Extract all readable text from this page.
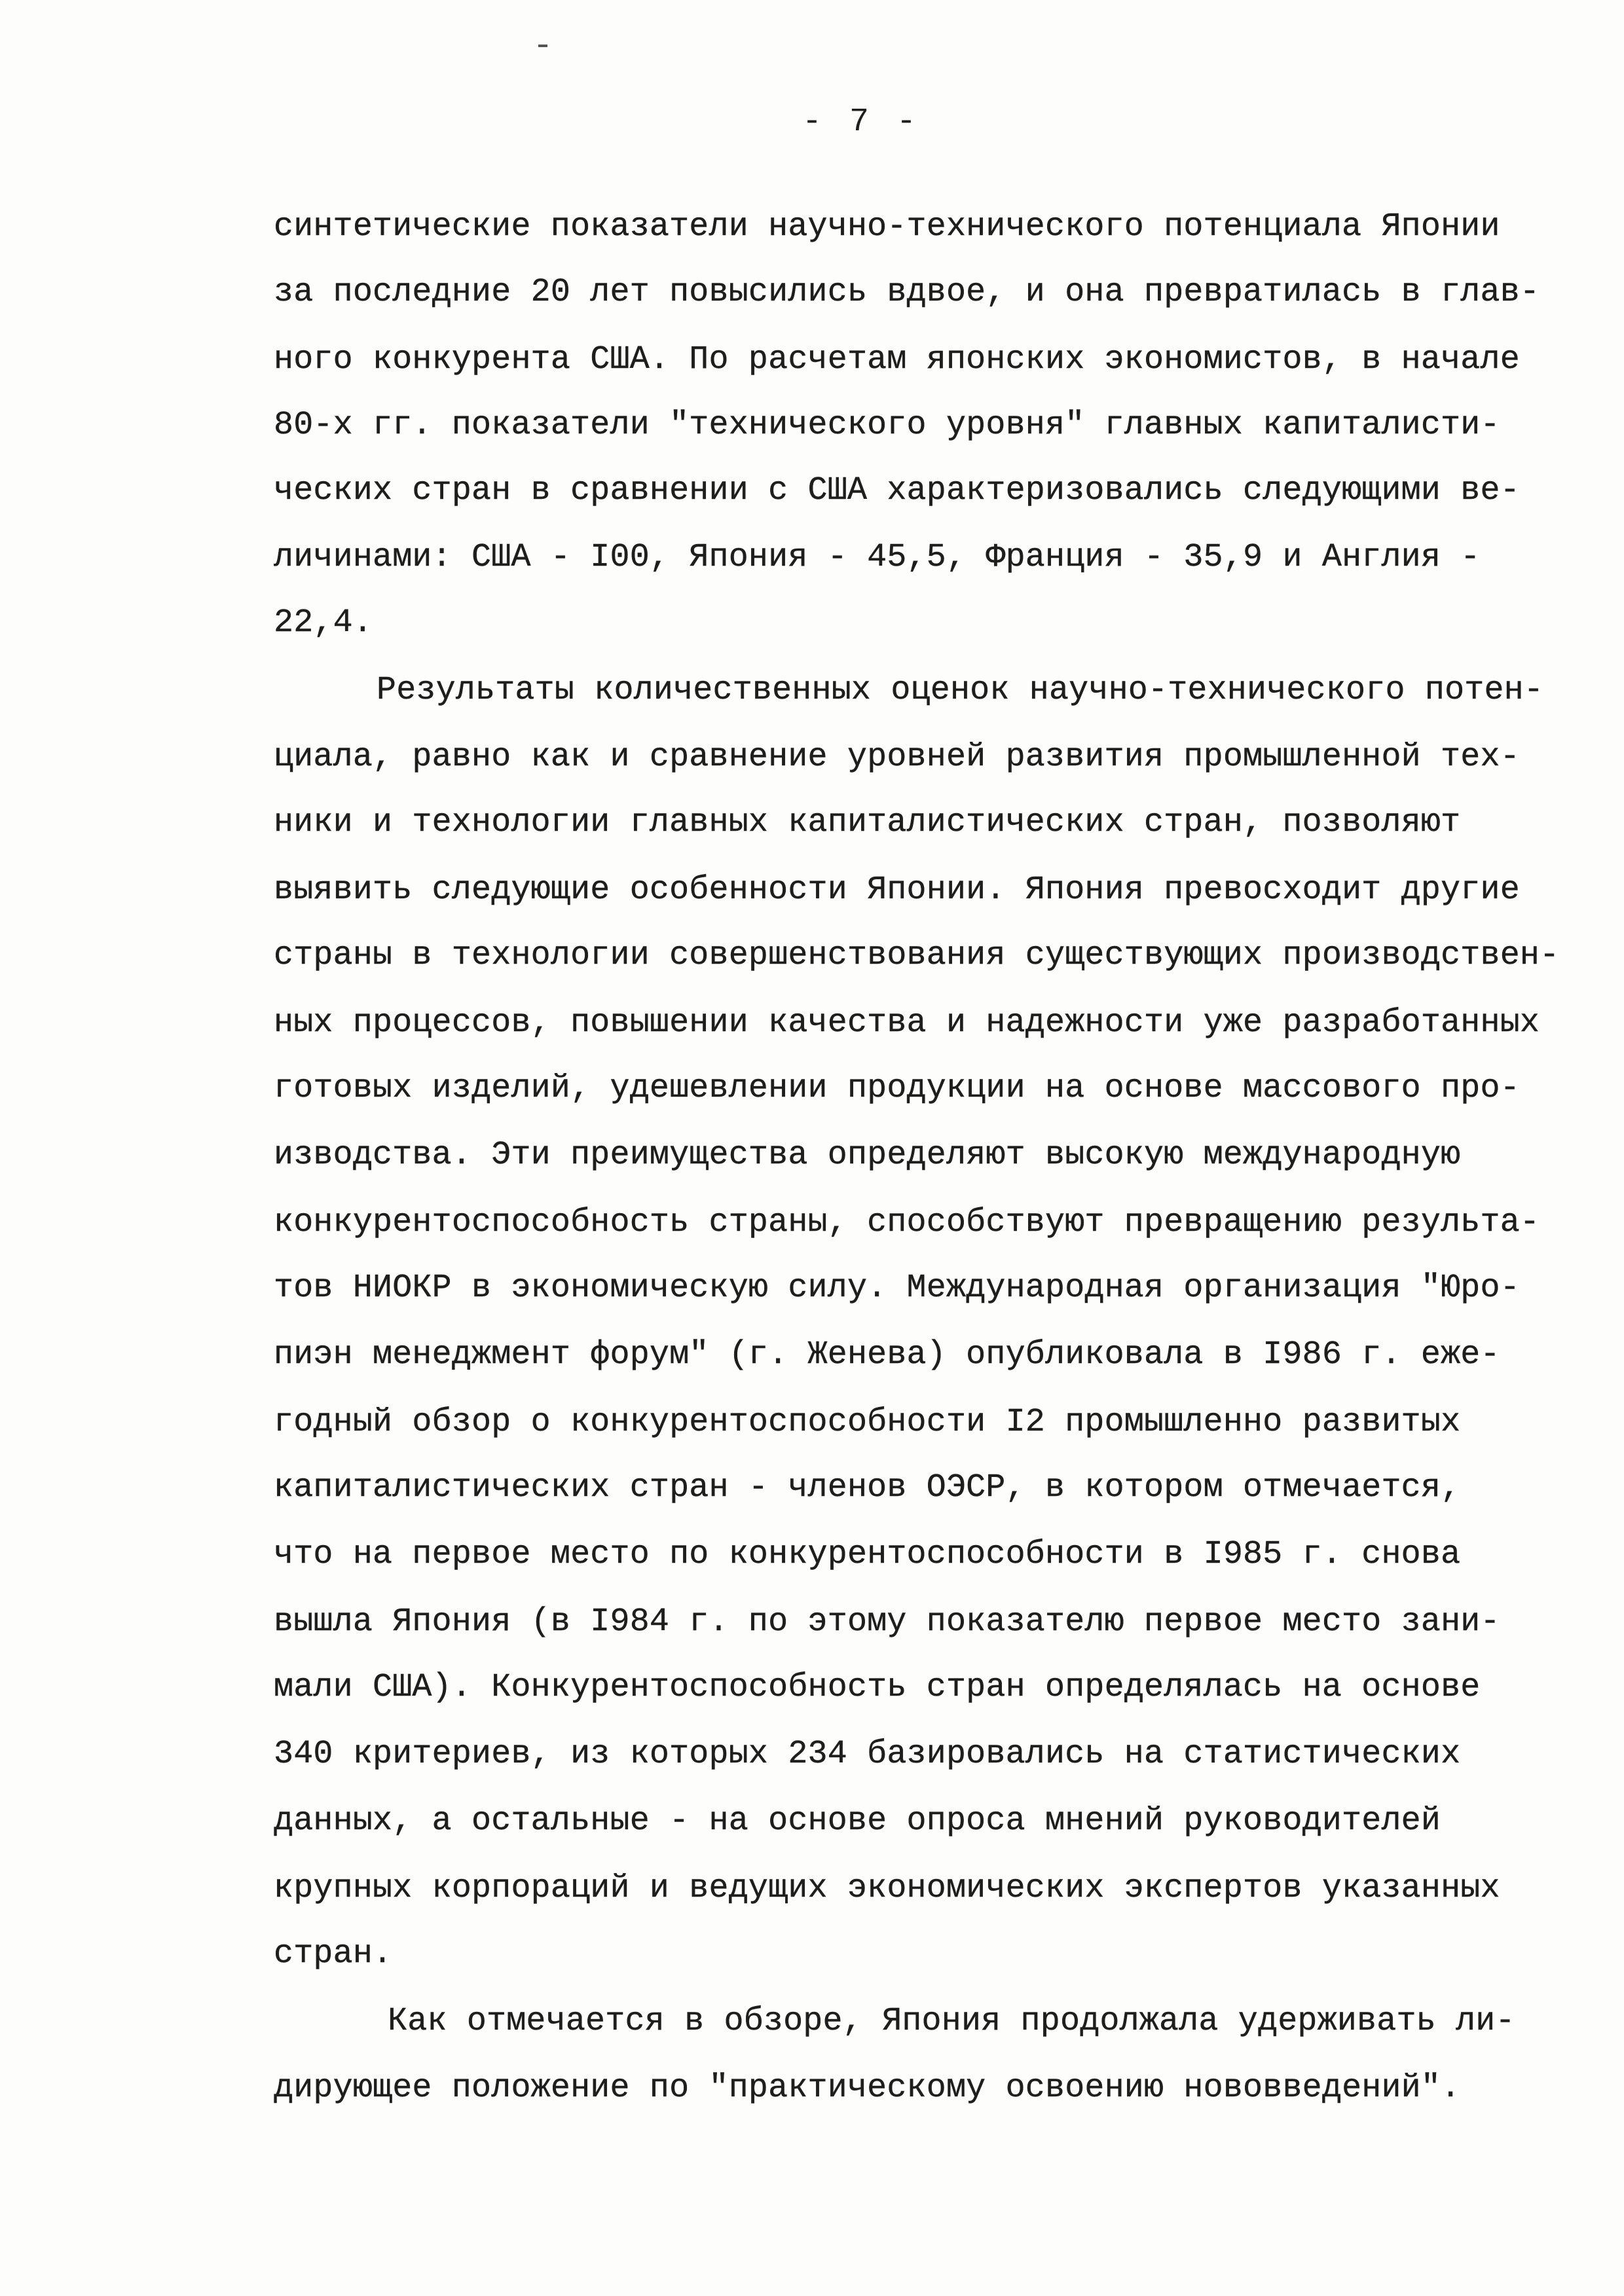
- 7 -
синтетические показатели научно-технического потенциала Японии
за последние 20 лет повысились вдвое, и она превратилась в глав-
ного конкурента США. По расчетам японских экономистов, в начале
80-х гг. показатели "технического уровня" главных капиталисти-
ческих стран в сравнении с США характеризовались следующими ве-
личинами: США - I00, Япония - 45,5, Франция - 35,9 и Англия -
22,4.
Результаты количественных оценок научно-технического потен-
циала, равно как и сравнение уровней развития промышленной тех-
ники и технологии главных капиталистических стран, позволяют
выявить следующие особенности Японии. Япония превосходит другие
страны в технологии совершенствования существующих производствен-
ных процессов, повышении качества и надежности уже разработанных
готовых изделий, удешевлении продукции на основе массового про-
изводства. Эти преимущества определяют высокую международную
конкурентоспособность страны, способствуют превращению результа-
тов НИОКР в экономическую силу. Международная организация "Юро-
пиэн менеджмент форум" (г. Женева) опубликовала в I986 г. еже-
годный обзор о конкурентоспособности I2 промышленно развитых
капиталистических стран - членов ОЭСР, в котором отмечается,
что на первое место по конкурентоспособности в I985 г. снова
вышла Япония (в I984 г. по этому показателю первое место зани-
мали США). Конкурентоспособность стран определялась на основе
340 критериев, из которых 234 базировались на статистических
данных, а остальные - на основе опроса мнений руководителей
крупных корпораций и ведущих экономических экспертов указанных
стран.
Как отмечается в обзоре, Япония продолжала удерживать ли-
дирующее положение по "практическому освоению нововведений".
